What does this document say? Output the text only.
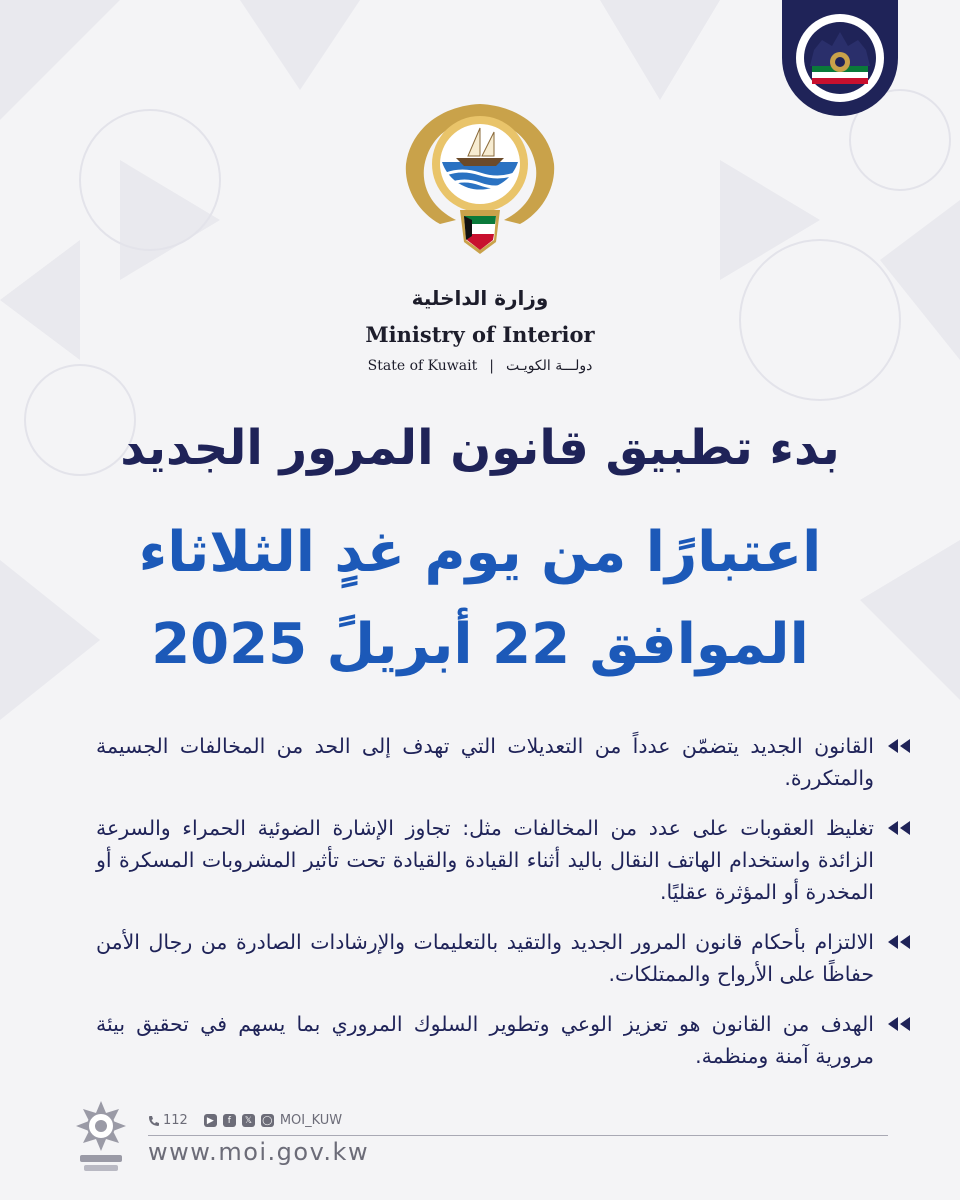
وزارة الداخلية
Ministry of Interior
State of Kuwait | دولـــة الكويـت
بدء تطبيق قانون المرور الجديد
اعتبارًا من يوم غدٍ الثلاثاء
الموافق 22 أبريلً 2025
القانون الجديد يتضمّن عدداً من التعديلات التي تهدف إلى الحد من المخالفات الجسيمة والمتكررة.
تغليظ العقوبات على عدد من المخالفات مثل: تجاوز الإشارة الضوئية الحمراء والسرعة الزائدة واستخدام الهاتف النقال باليد أثناء القيادة والقيادة تحت تأثير المشروبات المسكرة أو المخدرة أو المؤثرة عقليًا.
الالتزام بأحكام قانون المرور الجديد والتقيد بالتعليمات والإرشادات الصادرة من رجال الأمن حفاظًا على الأرواح والممتلكات.
الهدف من القانون هو تعزيز الوعي وتطوير السلوك المروري بما يسهم في تحقيق بيئة مرورية آمنة ومنظمة.
112	▶	f	𝕏	◯ MOI_KUW
www.moi.gov.kw
